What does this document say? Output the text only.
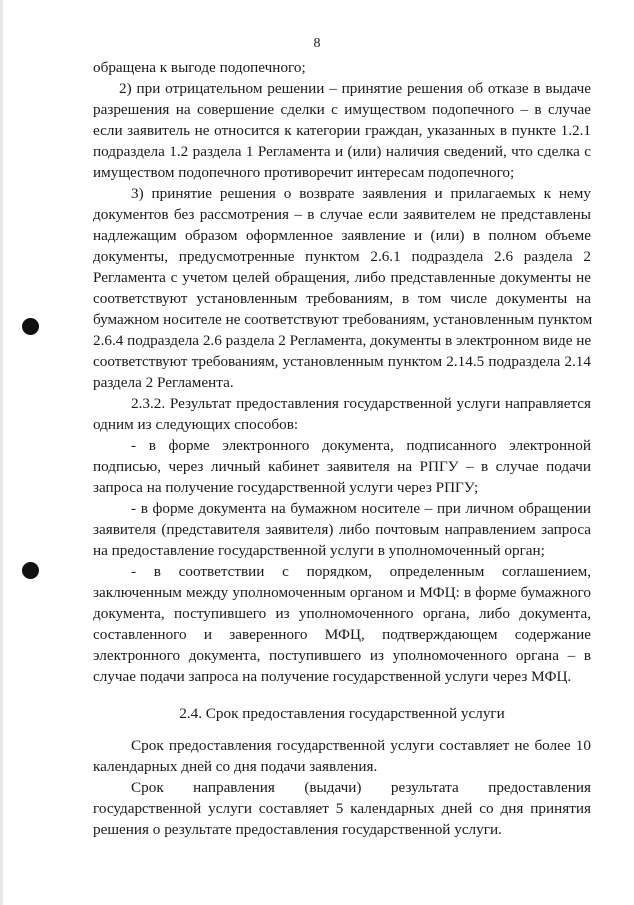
8
обращена к выгоде подопечного;
2) при отрицательном решении – принятие решения об отказе в выдаче
разрешения на совершение сделки с имуществом подопечного – в случае
если заявитель не относится к категории граждан, указанных в пункте 1.2.1
подраздела 1.2 раздела 1 Регламента и (или) наличия сведений, что сделка с
имуществом подопечного противоречит интересам подопечного;
3) принятие решения о возврате заявления и прилагаемых к нему
документов без рассмотрения – в случае если заявителем не представлены
надлежащим образом оформленное заявление и (или) в полном объеме
документы, предусмотренные пунктом 2.6.1 подраздела 2.6 раздела 2
Регламента с учетом целей обращения, либо представленные документы не
соответствуют установленным требованиям, в том числе документы на
бумажном носителе не соответствуют требованиям, установленным пунктом
2.6.4 подраздела 2.6 раздела 2 Регламента, документы в электронном виде не
соответствуют требованиям, установленным пунктом 2.14.5 подраздела 2.14
раздела 2 Регламента.
2.3.2. Результат предоставления государственной услуги направляется
одним из следующих способов:
- в форме электронного документа, подписанного электронной
подписью, через личный кабинет заявителя на РПГУ – в случае подачи
запроса на получение государственной услуги через РПГУ;
- в форме документа на бумажном носителе – при личном обращении
заявителя (представителя заявителя) либо почтовым направлением запроса
на предоставление государственной услуги в уполномоченный орган;
- в соответствии с порядком, определенным соглашением,
заключенным между уполномоченным органом и МФЦ: в форме бумажного
документа, поступившего из уполномоченного органа, либо документа,
составленного и заверенного МФЦ, подтверждающем содержание
электронного документа, поступившего из уполномоченного органа – в
случае подачи запроса на получение государственной услуги через МФЦ.
2.4. Срок предоставления государственной услуги
Срок предоставления государственной услуги составляет не более 10
календарных дней со дня подачи заявления.
Срок направления (выдачи) результата предоставления
государственной услуги составляет 5 календарных дней со дня принятия
решения о результате предоставления государственной услуги.
